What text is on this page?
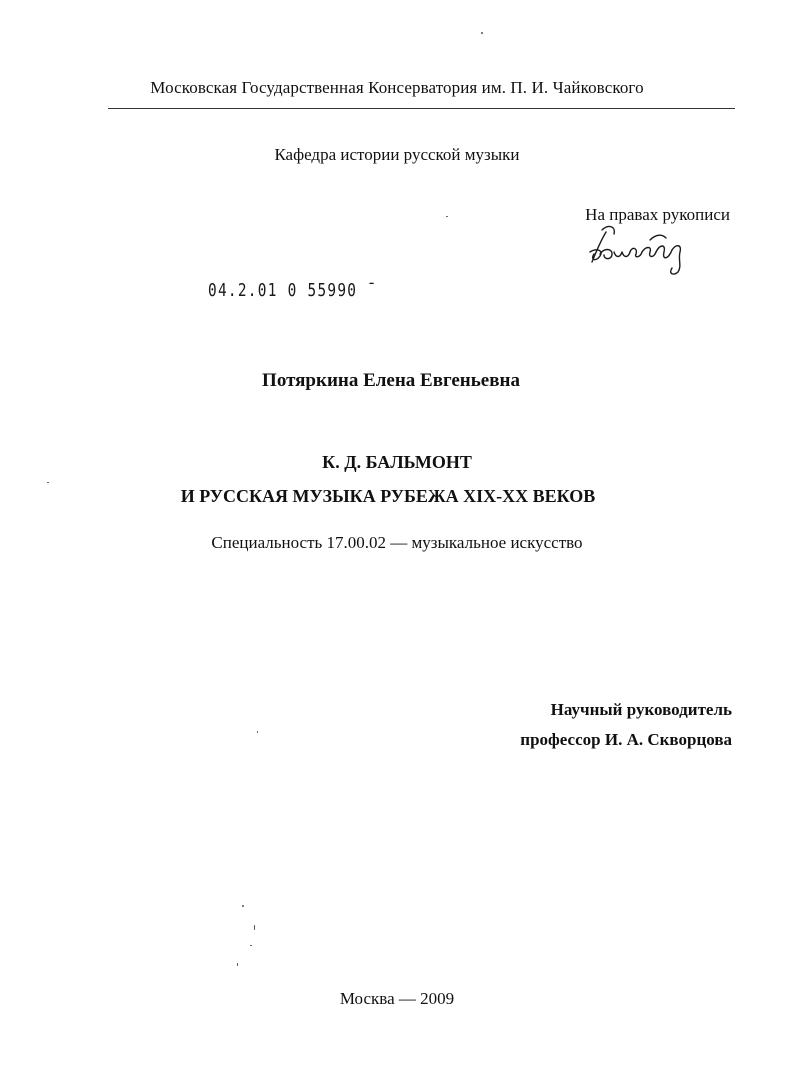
Московская Государственная Консерватория им. П. И. Чайковского
Кафедра истории русской музыки
На правах рукописи
04.2.01 0 55990 ˉ
Потяркина Елена Евгеньевна
К. Д. БАЛЬМОНТ
И РУССКАЯ МУЗЫКА РУБЕЖА XIX-XX ВЕКОВ
Специальность 17.00.02 — музыкальное искусство
Научный руководитель
профессор И. А. Скворцова
Москва — 2009
